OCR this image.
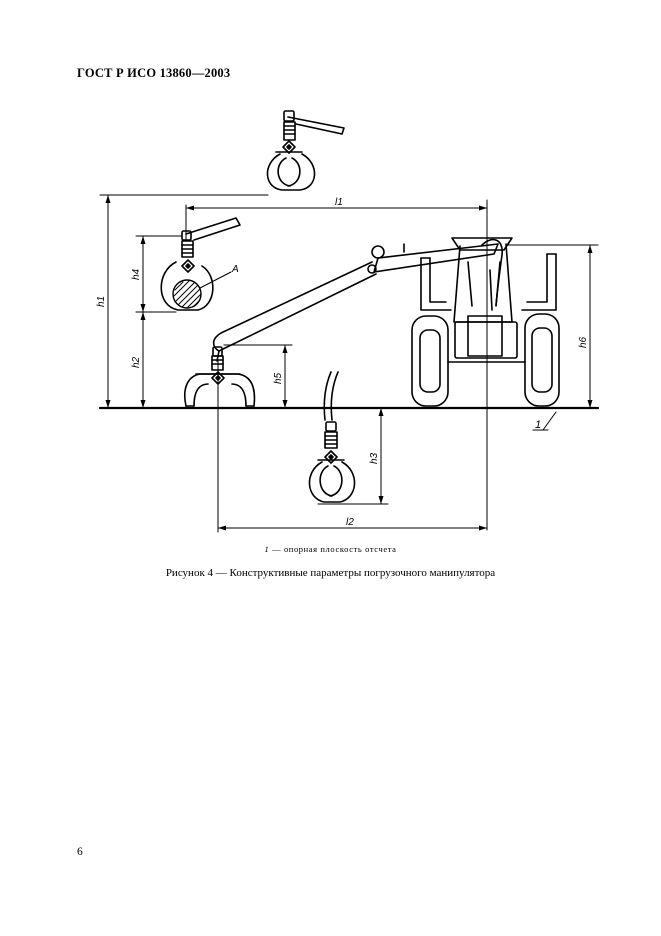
ГОСТ Р ИСО 13860—2003
l1
l2
A
1
h1
h4
h2
h5
h3
h6
1 — опорная плоскость отсчета
Рисунок 4 — Конструктивные параметры погрузочного манипулятора
6
